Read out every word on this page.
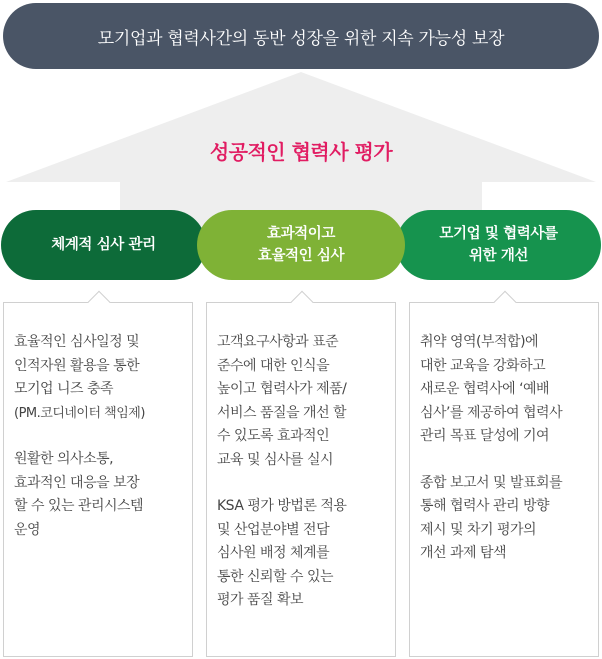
모기업과 협력사간의 동반 성장을 위한 지속 가능성 보장
성공적인 협력사 평가
체계적 심사 관리
효과적이고
효율적인 심사
모기업 및 협력사를
위한 개선

효율적인 심사일정 및
인적자원 활용을 통한
모기업 니즈 충족
(PM.코디네이터 책임제)

원활한 의사소통,
효과적인 대응을 보장
할 수 있는 관리시스템
운영

고객요구사항과 표준
준수에 대한 인식을
높이고 협력사가 제품/
서비스 품질을 개선 할
수 있도록 효과적인
교육 및 심사를 실시

KSA 평가 방법론 적용
및 산업분야별 전담
심사원 배정 체계를
통한 신뢰할 수 있는
평가 품질 확보

취약 영역(부적합)에
대한 교육을 강화하고
새로운 협력사에 ‘예배
심사’를 제공하여 협력사
관리 목표 달성에 기여

종합 보고서 및 발표회를
통해 협력사 관리 방향
제시 및 차기 평가의
개선 과제 탐색
